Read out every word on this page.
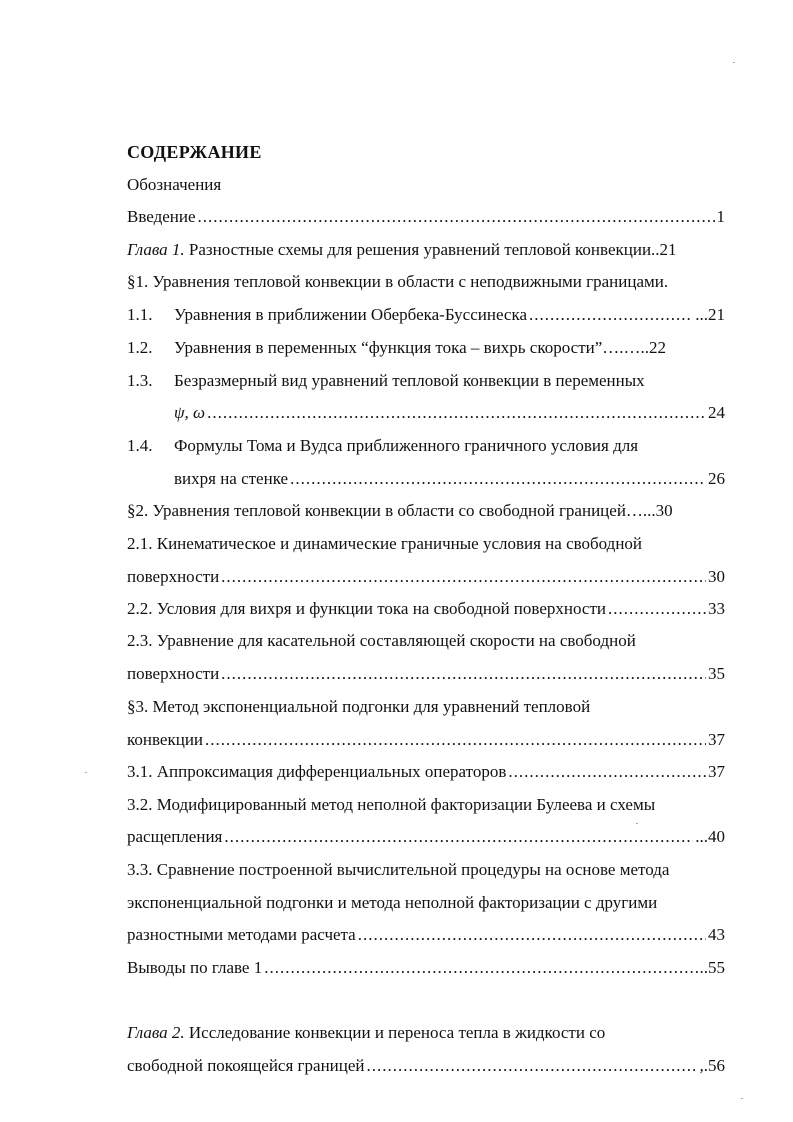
СОДЕРЖАНИЕ
Обозначения
Введение .....	1
Глава 1. Разностные схемы для решения уравнений тепловой конвекции..21
§1. Уравнения тепловой конвекции в области с неподвижными границами.
1.1. Уравнения в приближении Обербека-Буссинеска .....	...21
1.2. Уравнения в переменных “функция тока – вихрь скорости”….…..22
1.3. Безразмерный вид уравнений тепловой конвекции в переменных
ψ, ω .....	24
1.4. Формулы Тома и Вудса приближенного граничного условия для
вихря на стенке .....	26
§2. Уравнения тепловой конвекции в области со свободной границей…...30
2.1. Кинематическое и динамические граничные условия на свободной
поверхности .....	30
2.2. Условия для вихря и функции тока на свободной поверхности .....	33
2.3. Уравнение для касательной составляющей скорости на свободной
поверхности .....	35
§3. Метод экспоненциальной подгонки для уравнений тепловой
конвекции .....	37
3.1. Аппроксимация дифференциальных операторов .....	37
3.2. Модифицированный метод неполной факторизации Булеева и схемы
расщепления .....	...40
3.3. Сравнение построенной вычислительной процедуры на основе метода
экспоненциальной подгонки и метода неполной факторизации с другими
разностными методами расчета .....	43
Выводы по главе 1 .....	..55
Глава 2. Исследование конвекции и переноса тепла в жидкости со
свободной покоящейся границей .....	,.56
